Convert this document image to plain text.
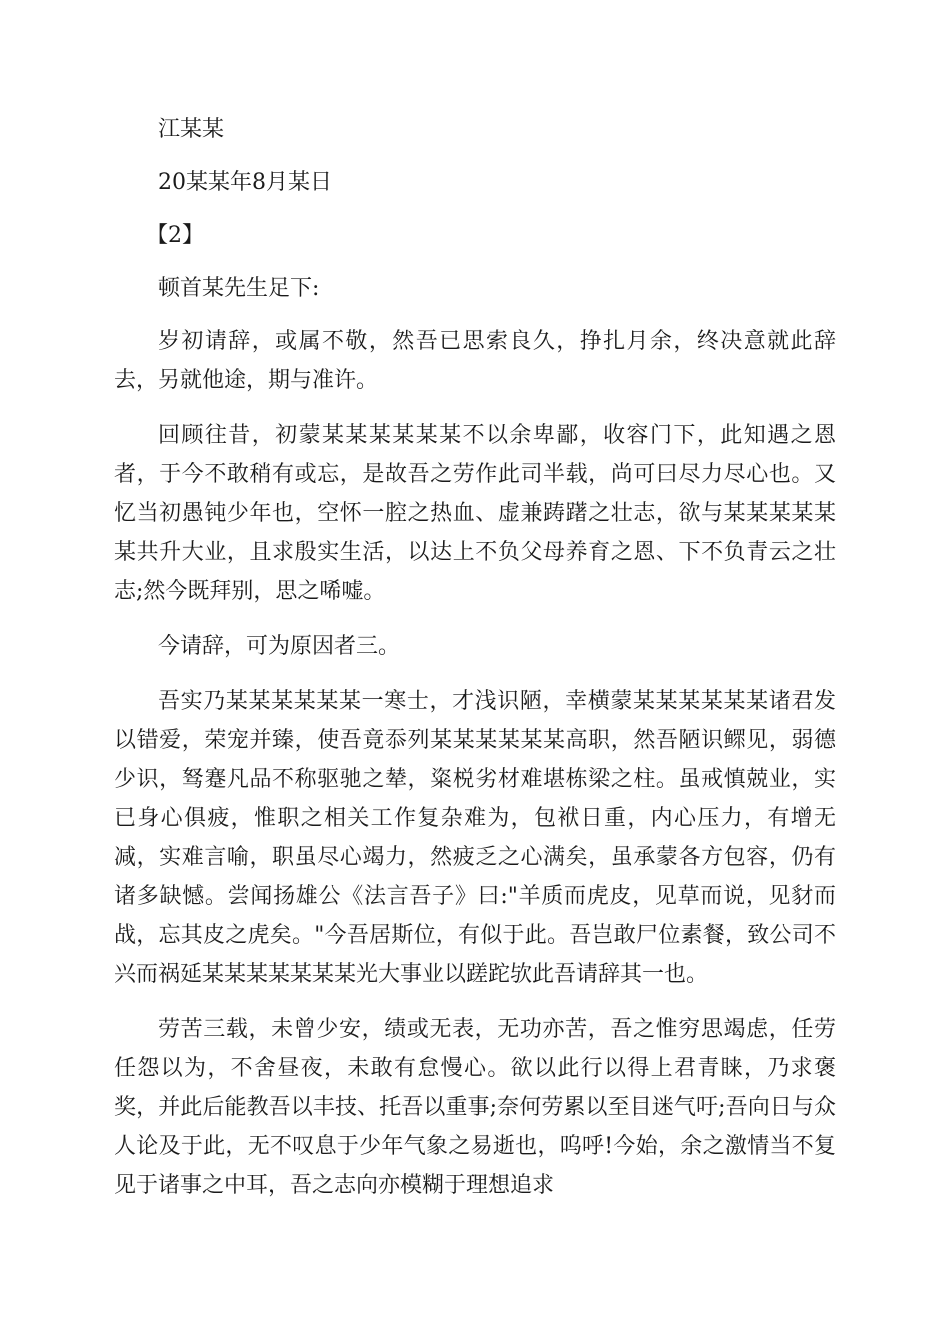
江某某

20某某年8月某日

【2】

顿首某先生足下:

岁初请辞，或属不敬，然吾已思索良久，挣扎月余，终决意就此辞去，另就他途，期与准许。

回顾往昔，初蒙某某某某某某不以余卑鄙，收容门下，此知遇之恩者，于今不敢稍有或忘，是故吾之劳作此司半载，尚可曰尽力尽心也。又忆当初愚钝少年也，空怀一腔之热血、虚兼踌躇之壮志，欲与某某某某某某共升大业，且求殷实生活，以达上不负父母养育之恩、下不负青云之壮志;然今既拜别，思之唏嘘。

今请辞，可为原因者三。

吾实乃某某某某某某一寒士，才浅识陋，幸横蒙某某某某某某诸君发以错爱，荣宠并臻，使吾竟忝列某某某某某某高职，然吾陋识鳏见，弱德少识，驽蹇凡品不称驱驰之辇，粢棁劣材难堪栋梁之柱。虽戒慎兢业，实已身心俱疲，惟职之相关工作复杂难为，包袱日重，内心压力，有增无减，实难言喻，职虽尽心竭力，然疲乏之心满矣，虽承蒙各方包容，仍有诸多缺憾。尝闻扬雄公《法言吾子》曰:"羊质而虎皮，见草而说，见豺而战，忘其皮之虎矣。"今吾居斯位，有似于此。吾岂敢尸位素餐，致公司不兴而祸延某某某某某某某光大事业以蹉跎欤此吾请辞其一也。

劳苦三载，未曾少安，绩或无表，无功亦苦，吾之惟穷思竭虑，任劳任怨以为，不舍昼夜，未敢有怠慢心。欲以此行以得上君青睐，乃求褒奖，并此后能教吾以丰技、托吾以重事;奈何劳累以至目迷气吁;吾向日与众人论及于此，无不叹息于少年气象之易逝也，呜呼!今始，余之激情当不复见于诸事之中耳，吾之志向亦模糊于理想追求
